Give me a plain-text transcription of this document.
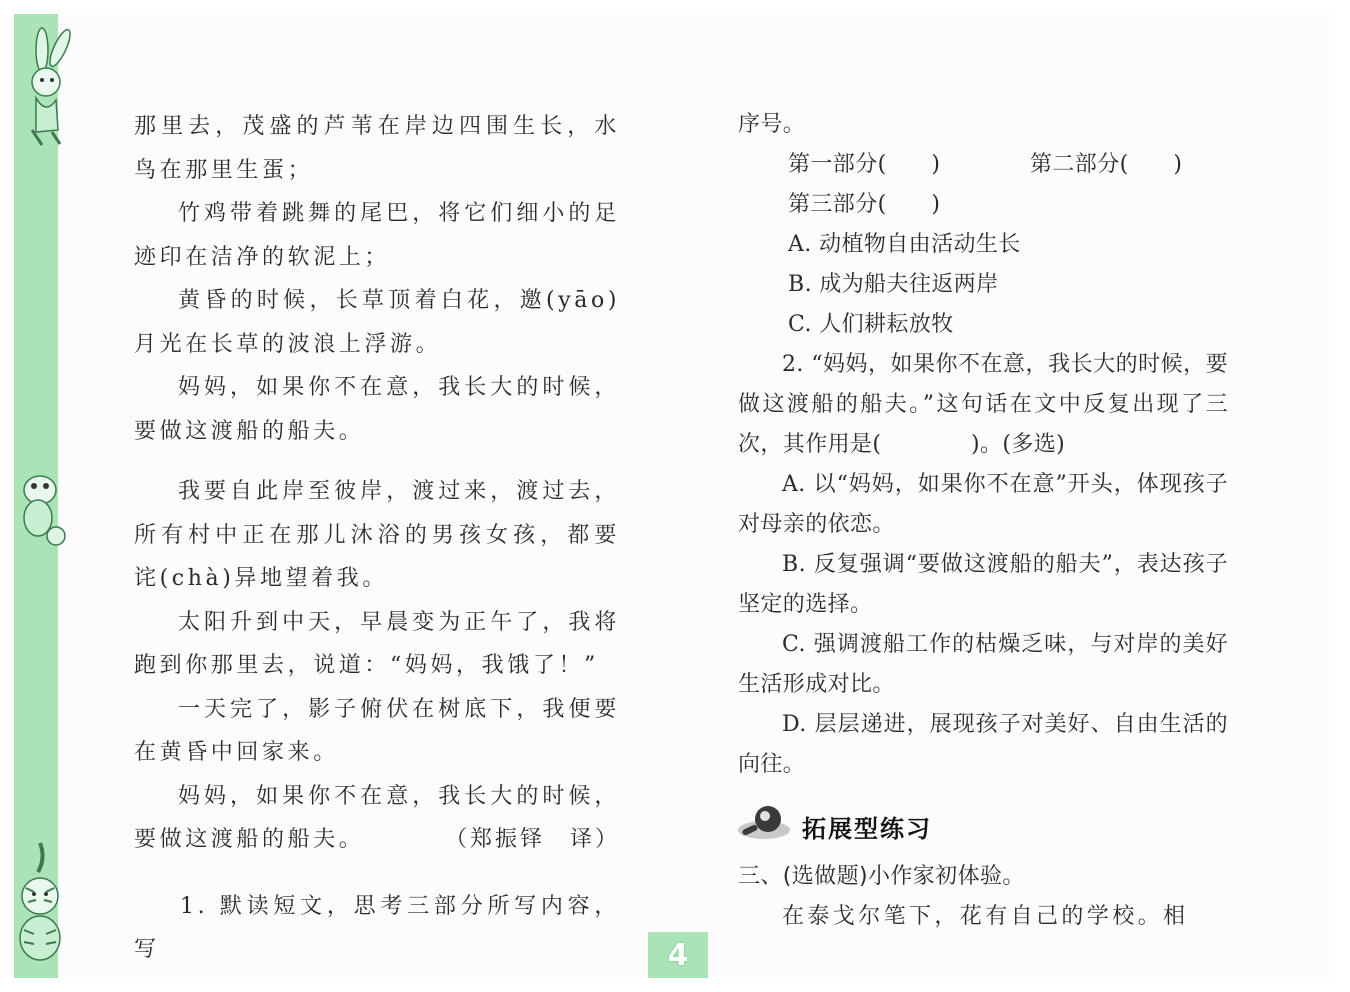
那里去，茂盛的芦苇在岸边四围生长，水鸟在那里生蛋；

竹鸡带着跳舞的尾巴，将它们细小的足迹印在洁净的软泥上；

黄昏的时候，长草顶着白花，邀(yāo)月光在长草的波浪上浮游。

妈妈，如果你不在意，我长大的时候，要做这渡船的船夫。

我要自此岸至彼岸，渡过来，渡过去，所有村中正在那儿沐浴的男孩女孩，都要诧(chà)异地望着我。

太阳升到中天，早晨变为正午了，我将跑到你那里去，说道：“妈妈，我饿了！”

一天完了，影子俯伏在树底下，我便要在黄昏中回家来。

妈妈，如果你不在意，我长大的时候，要做这渡船的船夫。	（郑振铎　译）

1. 默读短文，思考三部分所写内容，写

序号。

第一部分(　　)	第二部分(　　)
第三部分(　　)

A. 动植物自由活动生长

B. 成为船夫往返两岸

C. 人们耕耘放牧

2. “妈妈，如果你不在意，我长大的时候，要做这渡船的船夫。”这句话在文中反复出现了三次，其作用是(　　　　)。(多选)

A. 以“妈妈，如果你不在意”开头，体现孩子对母亲的依恋。

B. 反复强调“要做这渡船的船夫”，表达孩子坚定的选择。

C. 强调渡船工作的枯燥乏味，与对岸的美好生活形成对比。

D. 层层递进，展现孩子对美好、自由生活的向往。

拓展型练习

三、(选做题)小作家初体验。

在泰戈尔笔下，花有自己的学校。相

4
